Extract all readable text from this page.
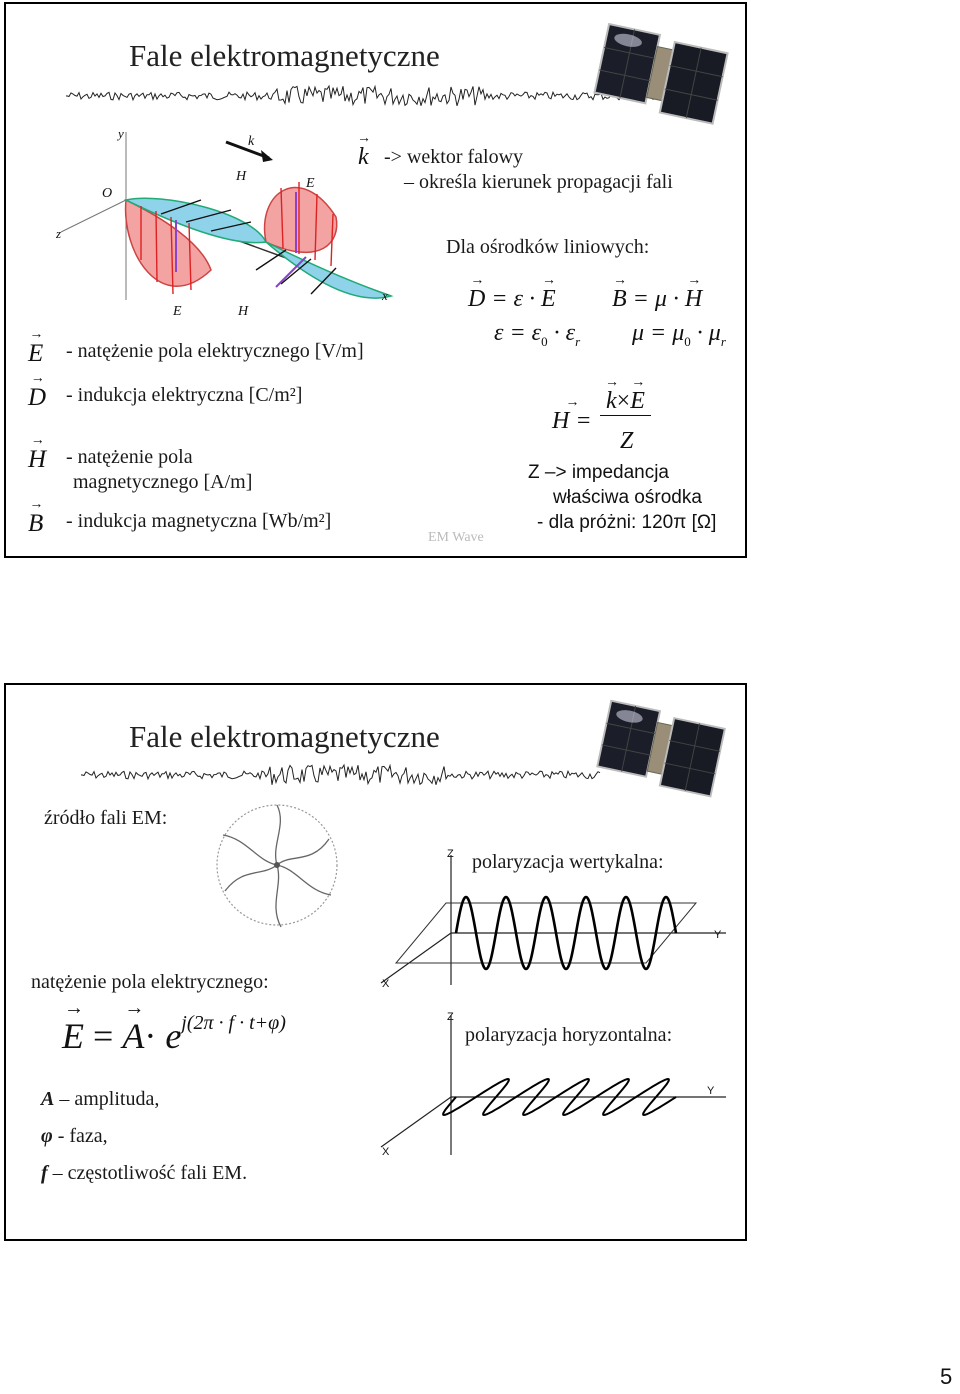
Fale elektromagnetyczne
y
z
x
O
k
H	E
E	H
→
k -> wektor falowy
– określa kierunek propagacji fali
→
E - natężenie pola elektrycznego [V/m]
→
D - indukcja elektryczna [C/m²]
→
H - natężenie pola
magnetycznego [A/m]
→
B - indukcja magnetyczna [Wb/m²]
EM Wave
Dla ośrodków liniowych:
→
D = ε ·
→
E
→
B = μ ·
→
H
$\varepsilon = \varepsilon_0 \cdot \varepsilon_r$ $\mu = \mu_0 \cdot \mu_r$
→
H =
→
k×
→
E
Z
Z –> impedancja
właściwa ośrodka
- dla próżni: 120π [Ω]
Fale elektromagnetyczne
źródło fali EM:
Z polaryzacja wertykalna:
Y
X
natężenie pola elektrycznego:
→
E =
→
$A\cdot e^{j(2\pi \cdot f \cdot t+\varphi)}$	Z
polaryzacja horyzontalna:
Y
X
A – amplituda,
φ - faza,
f – częstotliwość fali EM.
5
